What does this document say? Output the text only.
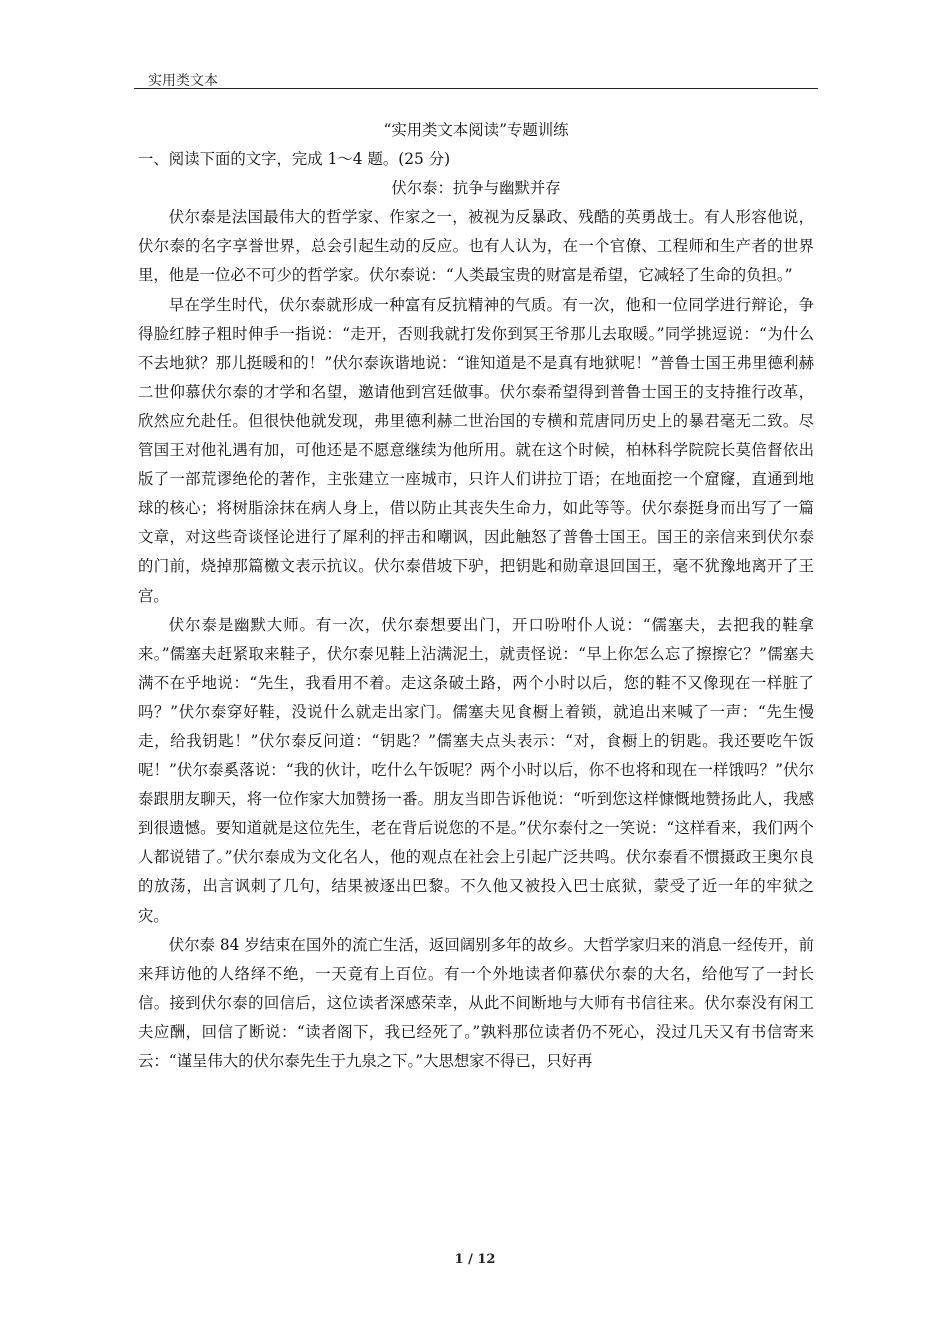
实用类文本

“实用类文本阅读”专题训练

一、阅读下面的文字，完成 1～4 题。(25 分)

伏尔泰：抗争与幽默并存

伏尔泰是法国最伟大的哲学家、作家之一，被视为反暴政、残酷的英勇战士。有人形容他说，伏尔泰的名字享誉世界，总会引起生动的反应。也有人认为，在一个官僚、工程师和生产者的世界里，他是一位必不可少的哲学家。伏尔泰说：“人类最宝贵的财富是希望，它减轻了生命的负担。”

早在学生时代，伏尔泰就形成一种富有反抗精神的气质。有一次，他和一位同学进行辩论，争得脸红脖子粗时伸手一指说：“走开，否则我就打发你到冥王爷那儿去取暖。”同学挑逗说：“为什么不去地狱？那儿挺暖和的！”伏尔泰诙谐地说：“谁知道是不是真有地狱呢！”普鲁士国王弗里德利赫二世仰慕伏尔泰的才学和名望，邀请他到宫廷做事。伏尔泰希望得到普鲁士国王的支持推行改革，欣然应允赴任。但很快他就发现，弗里德利赫二世治国的专横和荒唐同历史上的暴君毫无二致。尽管国王对他礼遇有加，可他还是不愿意继续为他所用。就在这个时候，柏林科学院院长莫倍督依出版了一部荒谬绝伦的著作，主张建立一座城市，只许人们讲拉丁语；在地面挖一个窟窿，直通到地球的核心；将树脂涂抹在病人身上，借以防止其丧失生命力，如此等等。伏尔泰挺身而出写了一篇文章，对这些奇谈怪论进行了犀利的抨击和嘲讽，因此触怒了普鲁士国王。国王的亲信来到伏尔泰的门前，烧掉那篇檄文表示抗议。伏尔泰借坡下驴，把钥匙和勋章退回国王，毫不犹豫地离开了王宫。

伏尔泰是幽默大师。有一次，伏尔泰想要出门，开口吩咐仆人说：“儒塞夫，去把我的鞋拿来。”儒塞夫赶紧取来鞋子，伏尔泰见鞋上沾满泥土，就责怪说：“早上你怎么忘了擦擦它？”儒塞夫满不在乎地说：“先生，我看用不着。走这条破土路，两个小时以后，您的鞋不又像现在一样脏了吗？”伏尔泰穿好鞋，没说什么就走出家门。儒塞夫见食橱上着锁，就追出来喊了一声：“先生慢走，给我钥匙！”伏尔泰反问道：“钥匙？”儒塞夫点头表示：“对，食橱上的钥匙。我还要吃午饭呢！”伏尔泰奚落说：“我的伙计，吃什么午饭呢？两个小时以后，你不也将和现在一样饿吗？”伏尔泰跟朋友聊天，将一位作家大加赞扬一番。朋友当即告诉他说：“听到您这样慷慨地赞扬此人，我感到很遗憾。要知道就是这位先生，老在背后说您的不是。”伏尔泰付之一笑说：“这样看来，我们两个人都说错了。”伏尔泰成为文化名人，他的观点在社会上引起广泛共鸣。伏尔泰看不惯摄政王奥尔良的放荡，出言讽刺了几句，结果被逐出巴黎。不久他又被投入巴士底狱，蒙受了近一年的牢狱之灾。

伏尔泰 84 岁结束在国外的流亡生活，返回阔别多年的故乡。大哲学家归来的消息一经传开，前来拜访他的人络绎不绝，一天竟有上百位。有一个外地读者仰慕伏尔泰的大名，给他写了一封长信。接到伏尔泰的回信后，这位读者深感荣幸，从此不间断地与大师有书信往来。伏尔泰没有闲工夫应酬，回信了断说：“读者阁下，我已经死了。”孰料那位读者仍不死心，没过几天又有书信寄来云：“谨呈伟大的伏尔泰先生于九泉之下。”大思想家不得已，只好再

1 / 12
